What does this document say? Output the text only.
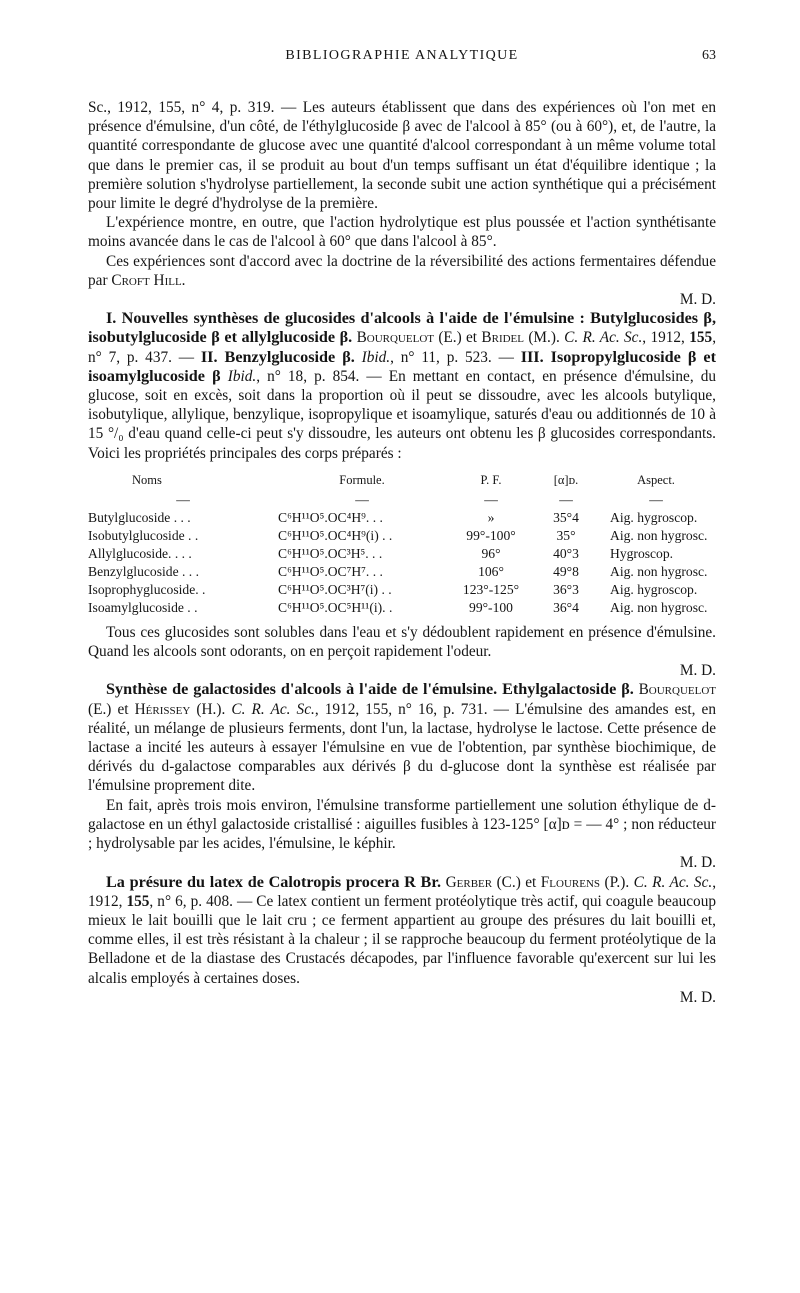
BIBLIOGRAPHIE ANALYTIQUE	63

Sc., 1912, 155, n° 4, p. 319. — Les auteurs établissent que dans des expériences où l'on met en présence d'émulsine, d'un côté, de l'éthylglucoside β avec de l'alcool à 85° (ou à 60°), et, de l'autre, la quantité correspondante de glucose avec une quantité d'alcool correspondant à un même volume total que dans le premier cas, il se produit au bout d'un temps suffisant un état d'équilibre identique ; la première solution s'hydrolyse partiellement, la seconde subit une action synthétique qui a précisément pour limite le degré d'hydrolyse de la première.

L'expérience montre, en outre, que l'action hydrolytique est plus poussée et l'action synthétisante moins avancée dans le cas de l'alcool à 60° que dans l'alcool à 85°.

Ces expériences sont d'accord avec la doctrine de la réversibilité des actions fermentaires défendue par Croft Hill.

M. D.

I. Nouvelles synthèses de glucosides d'alcools à l'aide de l'émulsine : Butylglucosides β, isobutylglucoside β et allylglucoside β. Bourquelot (E.) et Bridel (M.). C. R. Ac. Sc., 1912, 155, n° 7, p. 437. — II. Benzylglucoside β. Ibid., n° 11, p. 523. — III. Isopropylglucoside β et isoamylglucoside β Ibid., n° 18, p. 854. — En mettant en contact, en présence d'émulsine, du glucose, soit en excès, soit dans la proportion où il peut se dissoudre, avec les alcools butylique, isobutylique, allylique, benzylique, isopropylique et isoamylique, saturés d'eau ou additionnés de 10 à 15 °/₀ d'eau quand celle-ci peut s'y dissoudre, les auteurs ont obtenu les β glucosides correspondants. Voici les propriétés principales des corps préparés :

Noms	Formule.	P. F.	[α]ᴅ.	Aspect.
—	—	—	—	—
Butylglucoside . . .	C⁶H¹¹O⁵.OC⁴H⁹. . .	»	35°4	Aig. hygroscop.
Isobutylglucoside . .	C⁶H¹¹O⁵.OC⁴H⁹(i) . .	99°-100°	35°	Aig. non hygrosc.
Allylglucoside. . . .	C⁶H¹¹O⁵.OC³H⁵. . .	96°	40°3	Hygroscop.
Benzylglucoside . . .	C⁶H¹¹O⁵.OC⁷H⁷. . .	106°	49°8	Aig. non hygrosc.
Isoprophyglucoside. .	C⁶H¹¹O⁵.OC³H⁷(i) . .	123°-125°	36°3	Aig. hygroscop.
Isoamylglucoside . .	C⁶H¹¹O⁵.OC⁵H¹¹(i). .	99°-100	36°4	Aig. non hygrosc.

Tous ces glucosides sont solubles dans l'eau et s'y dédoublent rapidement en présence d'émulsine. Quand les alcools sont odorants, on en perçoit rapidement l'odeur.

M. D.

Synthèse de galactosides d'alcools à l'aide de l'émulsine. Ethylgalactoside β. Bourquelot (E.) et Hérissey (H.). C. R. Ac. Sc., 1912, 155, n° 16, p. 731. — L'émulsine des amandes est, en réalité, un mélange de plusieurs ferments, dont l'un, la lactase, hydrolyse le lactose. Cette présence de lactase a incité les auteurs à essayer l'émulsine en vue de l'obtention, par synthèse biochimique, de dérivés du d-galactose comparables aux dérivés β du d-glucose dont la synthèse est réalisée par l'émulsine proprement dite.

En fait, après trois mois environ, l'émulsine transforme partiellement une solution éthylique de d-galactose en un éthyl galactoside cristallisé : aiguilles fusibles à 123-125° [α]ᴅ = — 4° ; non réducteur ; hydrolysable par les acides, l'émulsine, le képhir.

M. D.

La présure du latex de Calotropis procera R Br. Gerber (C.) et Flourens (P.). C. R. Ac. Sc., 1912, 155, n° 6, p. 408. — Ce latex contient un ferment protéolytique très actif, qui coagule beaucoup mieux le lait bouilli que le lait cru ; ce ferment appartient au groupe des présures du lait bouilli et, comme elles, il est très résistant à la chaleur ; il se rapproche beaucoup du ferment protéolytique de la Belladone et de la diastase des Crustacés décapodes, par l'influence favorable qu'exercent sur lui les alcalis employés à certaines doses.

M. D.
